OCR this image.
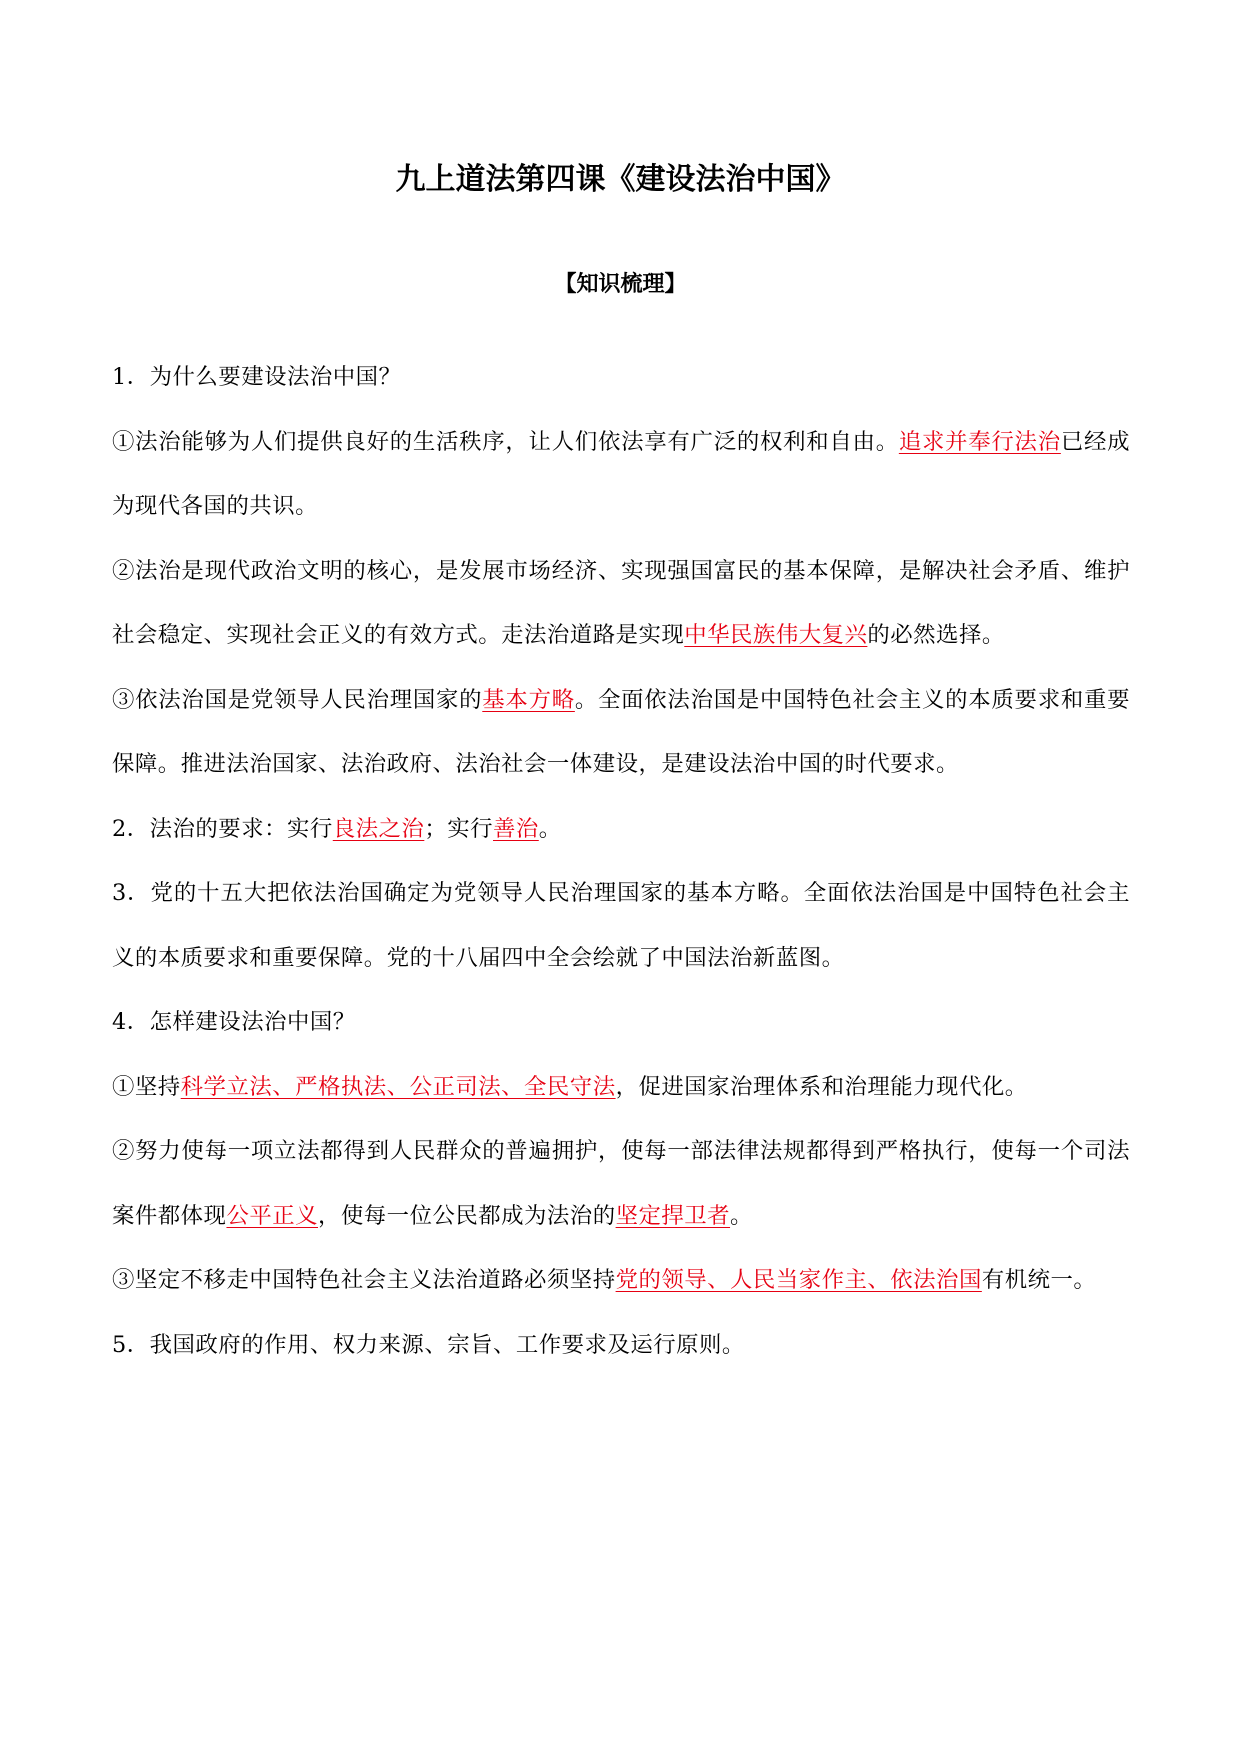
九上道法第四课《建设法治中国》
【知识梳理】

1．为什么要建设法治中国？

①法治能够为人们提供良好的生活秩序，让人们依法享有广泛的权利和自由。追求并奉行法治已经成为现代各国的共识。

②法治是现代政治文明的核心，是发展市场经济、实现强国富民的基本保障，是解决社会矛盾、维护社会稳定、实现社会正义的有效方式。走法治道路是实现中华民族伟大复兴的必然选择。

③依法治国是党领导人民治理国家的基本方略。全面依法治国是中国特色社会主义的本质要求和重要保障。推进法治国家、法治政府、法治社会一体建设，是建设法治中国的时代要求。

2．法治的要求：实行良法之治；实行善治。

3．党的十五大把依法治国确定为党领导人民治理国家的基本方略。全面依法治国是中国特色社会主义的本质要求和重要保障。党的十八届四中全会绘就了中国法治新蓝图。

4．怎样建设法治中国？

①坚持科学立法、严格执法、公正司法、全民守法，促进国家治理体系和治理能力现代化。

②努力使每一项立法都得到人民群众的普遍拥护，使每一部法律法规都得到严格执行，使每一个司法案件都体现公平正义，使每一位公民都成为法治的坚定捍卫者。

③坚定不移走中国特色社会主义法治道路必须坚持党的领导、人民当家作主、依法治国有机统一。

5．我国政府的作用、权力来源、宗旨、工作要求及运行原则。
